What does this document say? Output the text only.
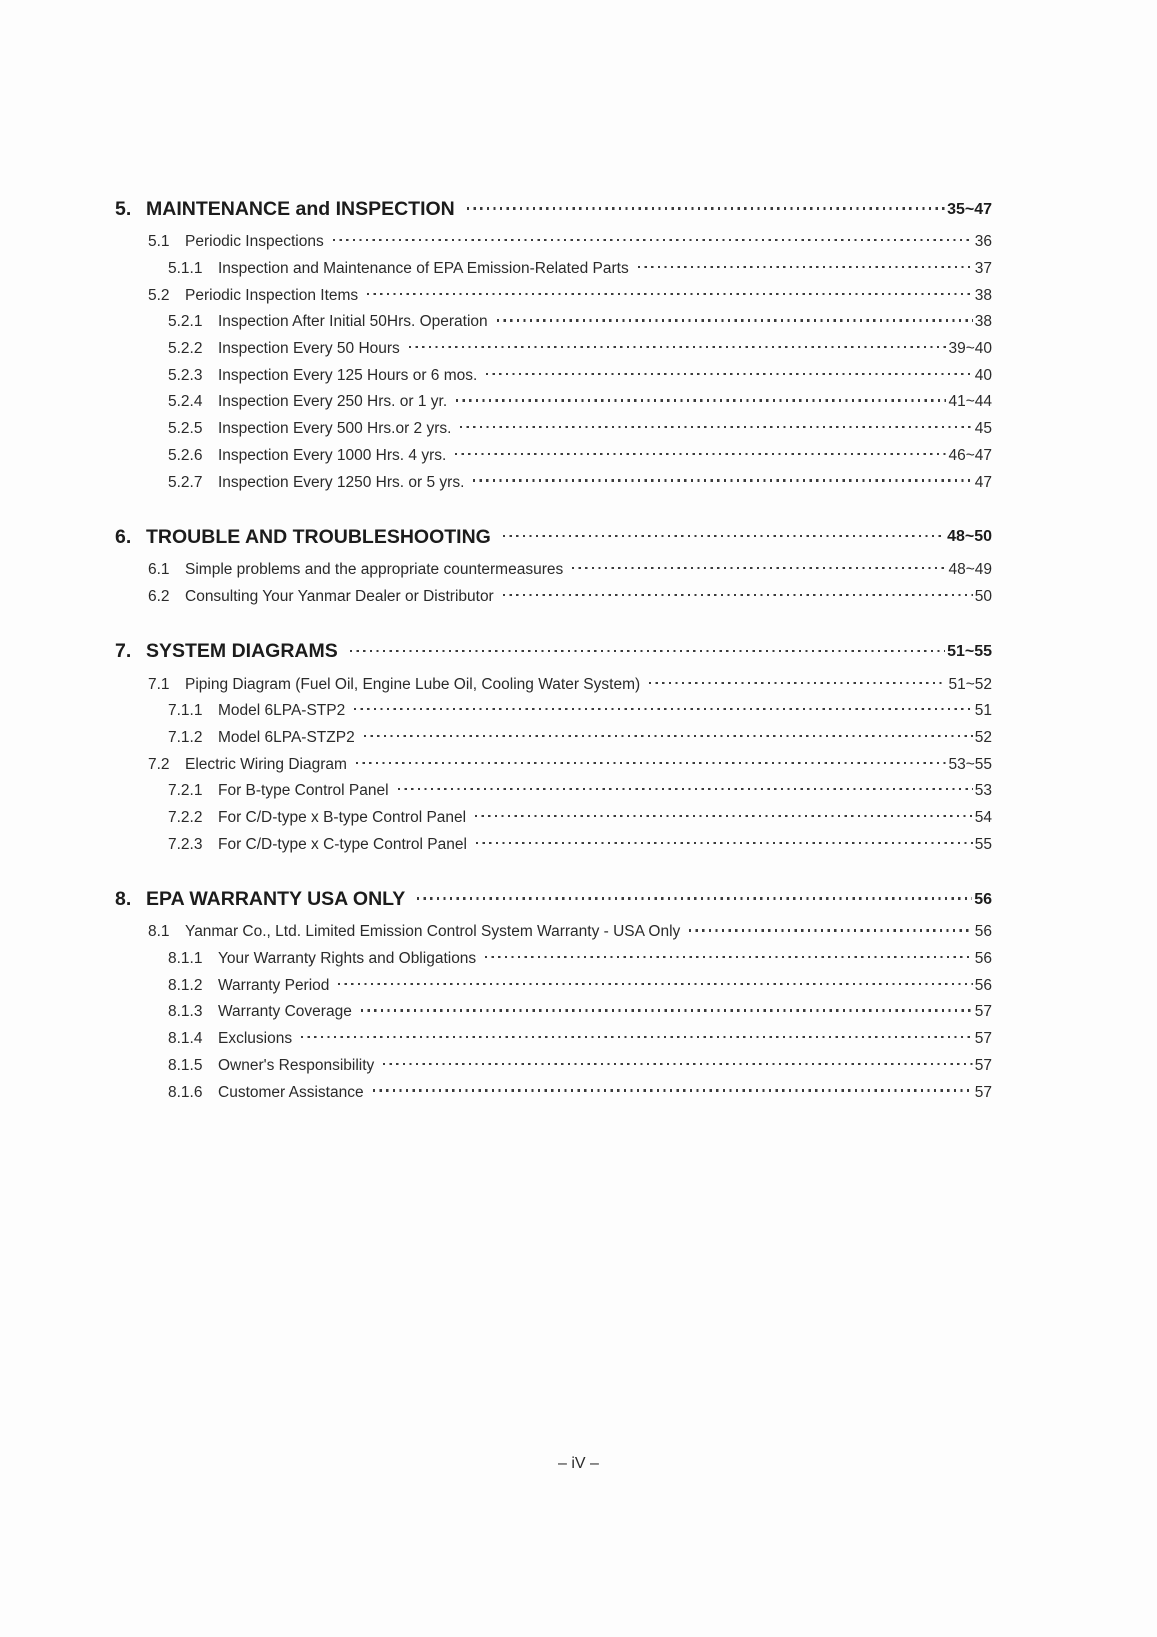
5. MAINTENANCE and INSPECTION	35~47
5.1 Periodic Inspections	36
5.1.1	Inspection and Maintenance of EPA Emission-Related Parts	37
5.2 Periodic Inspection Items	38
5.2.1	Inspection After Initial 50Hrs. Operation	38
5.2.2	Inspection Every 50 Hours	39~40
5.2.3	Inspection Every 125 Hours or 6 mos.	40
5.2.4	Inspection Every 250 Hrs. or 1 yr.	41~44
5.2.5	Inspection Every 500 Hrs.or 2 yrs.	45
5.2.6	Inspection Every 1000 Hrs. 4 yrs.	46~47
5.2.7	Inspection Every 1250 Hrs. or 5 yrs.	47
6. TROUBLE AND TROUBLESHOOTING	48~50
6.1 Simple problems and the appropriate countermeasures	48~49
6.2 Consulting Your Yanmar Dealer or Distributor	50
7. SYSTEM DIAGRAMS	51~55
7.1 Piping Diagram (Fuel Oil, Engine Lube Oil, Cooling Water System)	51~52
7.1.1	Model 6LPA-STP2	51
7.1.2	Model 6LPA-STZP2	52
7.2 Electric Wiring Diagram	53~55
7.2.1	For B-type Control Panel	53
7.2.2	For C/D-type x B-type Control Panel	54
7.2.3	For C/D-type x C-type Control Panel	55
8. EPA WARRANTY USA ONLY	56
8.1 Yanmar Co., Ltd. Limited Emission Control System Warranty - USA Only	56
8.1.1	Your Warranty Rights and Obligations	56
8.1.2	Warranty Period	56
8.1.3	Warranty Coverage	57
8.1.4	Exclusions	57
8.1.5	Owner's Responsibility	57
8.1.6	Customer Assistance	57
– iV –
